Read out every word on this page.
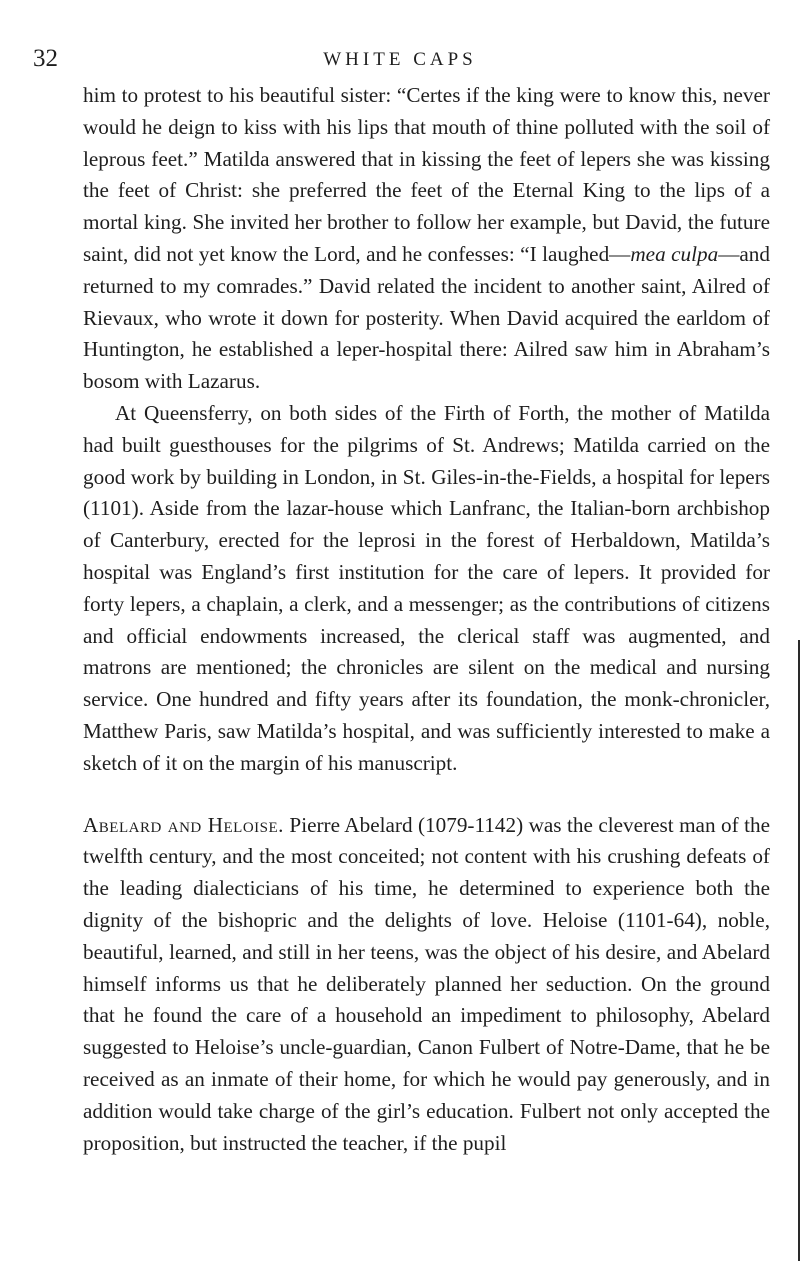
32	WHITE CAPS

him to protest to his beautiful sister: “Certes if the king were to know this, never would he deign to kiss with his lips that mouth of thine polluted with the soil of leprous feet.” Matilda answered that in kissing the feet of lepers she was kissing the feet of Christ: she preferred the feet of the Eternal King to the lips of a mortal king. She invited her brother to follow her example, but David, the future saint, did not yet know the Lord, and he confesses: “I laughed—mea culpa—and returned to my comrades.” David related the incident to another saint, Ailred of Rievaux, who wrote it down for posterity. When David acquired the earldom of Huntington, he established a leper-hospital there: Ailred saw him in Abraham’s bosom with Lazarus.

At Queensferry, on both sides of the Firth of Forth, the mother of Matilda had built guesthouses for the pilgrims of St. Andrews; Matilda carried on the good work by building in London, in St. Giles-in-the-Fields, a hospital for lepers (1101). Aside from the lazar-house which Lanfranc, the Italian-born archbishop of Canterbury, erected for the leprosi in the forest of Herbaldown, Matilda’s hospital was England’s first institution for the care of lepers. It provided for forty lepers, a chaplain, a clerk, and a messenger; as the contributions of citizens and official endowments increased, the clerical staff was augmented, and matrons are mentioned; the chronicles are silent on the medical and nursing service. One hundred and fifty years after its foundation, the monk-chronicler, Matthew Paris, saw Matilda’s hospital, and was sufficiently interested to make a sketch of it on the margin of his manuscript.

Abelard and Heloise. Pierre Abelard (1079-1142) was the cleverest man of the twelfth century, and the most conceited; not content with his crushing defeats of the leading dialecticians of his time, he determined to experience both the dignity of the bishopric and the delights of love. Heloise (1101-64), noble, beautiful, learned, and still in her teens, was the object of his desire, and Abelard himself informs us that he deliberately planned her seduction. On the ground that he found the care of a household an impediment to philosophy, Abelard suggested to Heloise’s uncle-guardian, Canon Fulbert of Notre-Dame, that he be received as an inmate of their home, for which he would pay generously, and in addition would take charge of the girl’s education. Fulbert not only accepted the proposition, but instructed the teacher, if the pupil
